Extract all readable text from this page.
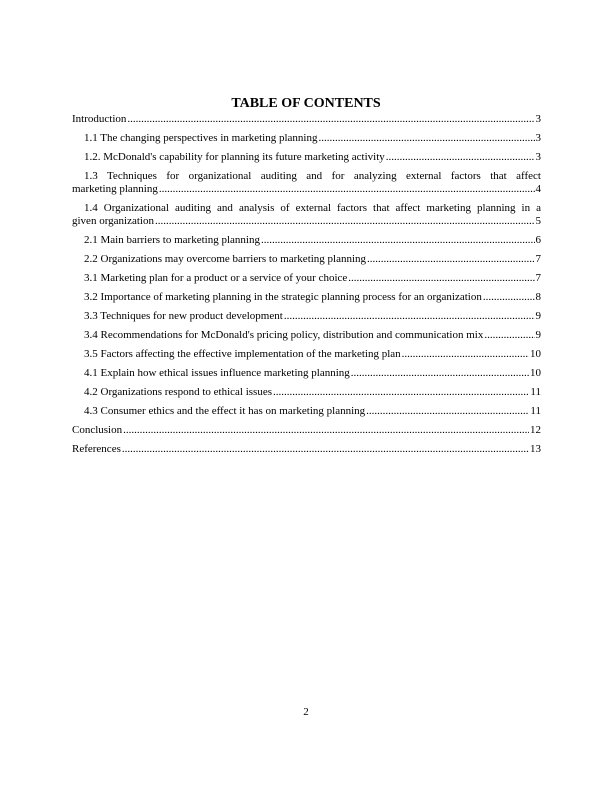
TABLE OF CONTENTS
Introduction .....	3
1.1 The changing perspectives in marketing planning .....	3
1.2. McDonald's capability for planning its future marketing activity .....	3
1.3 Techniques for organizational auditing and for analyzing external factors that affect
marketing planning .....	4
1.4 Organizational auditing and analysis of external factors that affect marketing planning in a
given organization .....	5
2.1 Main barriers to marketing planning .....	6
2.2 Organizations may overcome barriers to marketing planning .....	7
3.1 Marketing plan for a product or a service of your choice .....	7
3.2 Importance of marketing planning in the strategic planning process for an organization .....	8
3.3 Techniques for new product development .....	9
3.4 Recommendations for McDonald's pricing policy, distribution and communication mix .....	9
3.5 Factors affecting the effective implementation of the marketing plan .....	10
4.1 Explain how ethical issues influence marketing planning .....	10
4.2 Organizations respond to ethical issues .....	11
4.3 Consumer ethics and the effect it has on marketing planning .....	11
Conclusion .....	12
References .....	13
2
